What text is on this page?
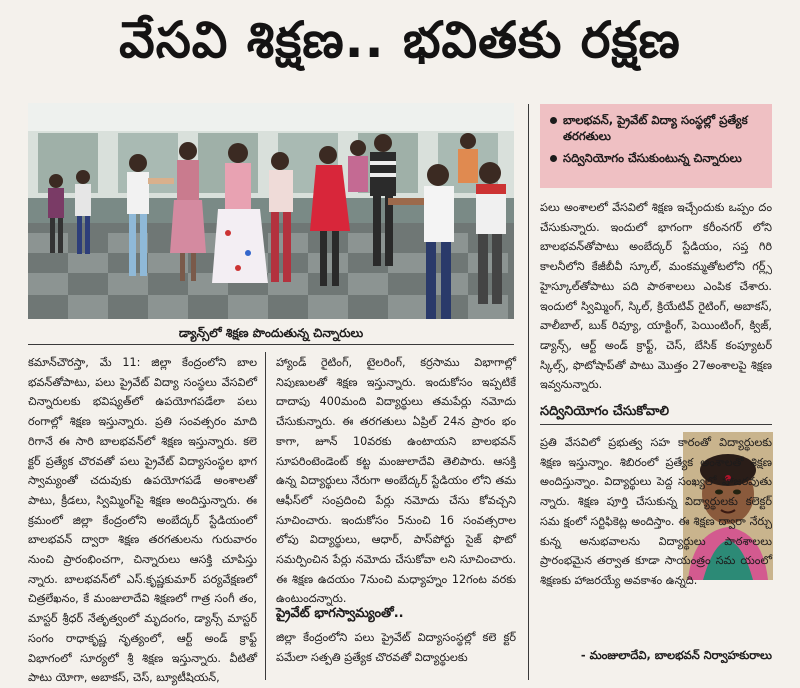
వేసవి శిక్షణ.. భవితకు రక్షణ
డ్యాన్స్‌లో శిక్షణ పొందుతున్న చిన్నారులు
బాలభవన్, ప్రైవేట్ విద్యా సంస్థల్లో ప్రత్యేక తరగతులు
సద్వినియోగం చేసుకుంటున్న చిన్నారులు

కమాన్‌చౌరస్తా, మే 11: జిల్లా కేంద్రంలోని బాల భవన్‌తోపాటు, పలు ప్రైవేట్ విద్యా సంస్థలు వేసవిలో చిన్నారులకు భవిష్యత్‌లో ఉపయోగపడేలా పలు రంగాల్లో శిక్షణ ఇస్తున్నారు. ప్రతి సంవత్సరం మాది రిగానే ఈ సారి బాలభవన్‌లో శిక్షణ ఇస్తున్నారు. కలె క్టర్ ప్రత్యేక చొరవతో పలు ప్రైవేట్ విద్యాసంస్థల భాగ స్వామ్యంతో చదువుకు ఉపయోగపడే అంశాలతో పాటు, క్రీడలు, స్విమ్మింగ్‌పై శిక్షణ అందిస్తున్నారు. ఈ క్రమంలో జిల్లా కేంద్రంలోని అంబేద్కర్ స్టేడియంలో బాలభవన్ ద్వారా శిక్షణ తరగతులను గురువారం నుంచి ప్రారంభించగా, చిన్నారులు ఆసక్తి చూపిస్తు న్నారు. బాలభవన్‌లో ఎస్.కృష్ణకుమార్ పర్యవేక్షణలో చిత్రలేఖనం, కే మంజులాదేవి శిక్షణలో గాత్ర సంగీ తం, మాస్టర్ శ్రీధర్ నేతృత్వంలో మృదంగం, డ్యాన్స్ మాస్టర్ సంగం రాధాకృష్ణ నృత్యంలో, ఆర్ట్ అండ్ క్రాఫ్ట్ విభాగంలో సూర్యలో శ్రీ శిక్షణ ఇస్తున్నారు. వీటితో పాటు యోగా, అబాకస్, చెస్, బ్యూటీషియన్,

హ్యాండ్ రైటింగ్, టైలరింగ్, కర్రసాము విభాగాల్లో నిపుణులతో శిక్షణ ఇస్తున్నారు. ఇందుకోసం ఇప్పటికే దాదాపు 400మంది విద్యార్థులు తమపేర్లు నమోదు చేసుకున్నారు. ఈ తరగతులు ఏప్రిల్ 24న ప్రారం భం కాగా, జూన్ 10వరకు ఉంటాయని బాలభవన్ సూపరింటెండెంట్ కట్ట మంజులాదేవి తెలిపారు. ఆసక్తి ఉన్న విద్యార్థులు నేరుగా అంబేద్కర్ స్టేడియం లోని తమ ఆఫీస్‌లో సంప్రదించి పేర్లు నమోదు చేసు కోవచ్చని సూచించారు. ఇందుకోసం 5నుంచి 16 సంవత్సరాల లోపు విద్యార్థులు, ఆధార్, పాస్‌పోర్టు సైజ్ ఫొటో సమర్పించిన పేర్లు నమోదు చేసుకోవా లని సూచించారు. ఈ శిక్షణ ఉదయం 7నుంచి మధ్యాహ్నం 12గంట వరకు ఉంటుందన్నారు.

ప్రైవేట్ భాగస్వామ్యంతో..

జిల్లా కేంద్రంలోని పలు ప్రైవేట్ విద్యాసంస్థల్లో కలె క్టర్ పమేలా సత్పతి ప్రత్యేక చొరవతో విద్యార్థులకు

పలు అంశాలలో వేసవిలో శిక్షణ ఇచ్చేందుకు ఒప్పం దం చేసుకున్నారు. ఇందులో భాగంగా కరీంనగర్ లోని బాలభవన్‌తోపాటు అంబేద్కర్ స్టేడియం, సప్త గిరి కాలనీలోని కేజీబీవీ స్కూల్, మంకమ్మతోటలోని గర్ల్స్ హైస్కూల్‌తోపాటు పది పాఠశాలలు ఎంపిక చేశారు. ఇందులో స్విమ్మింగ్, స్కిల్, క్రియేటివ్ రైటింగ్, అబాకస్, వాలీబాల్, బుక్ రివ్యూ, యాక్టింగ్, పెయింటింగ్, క్విజ్, డ్యాన్స్, ఆర్ట్ అండ్ క్రాఫ్ట్, చెస్, బేసిక్ కంప్యూటర్ స్కిల్స్, ఫొటోషాప్‌తో పాటు మొత్తం 27అంశాలపై శిక్షణ ఇవ్వనున్నారు.

సద్వినియోగం చేసుకోవాలి

ప్రతి వేసవిలో ప్రభుత్వ సహ కారంతో విద్యార్థులకు శిక్షణ ఇస్తున్నాం. శిబిరంలో ప్రత్యేక అంశాలతో శిక్షణ అందిస్తున్నాం. విద్యార్థులు పెద్ద సంఖ్యలో హాజరవుతు న్నారు. శిక్షణ పూర్తి చేసుకున్న విద్యార్థులకు కలెక్టర్ సమ క్షంలో సర్టిఫికెట్ల అందిస్తాం. ఈ శిక్షణ ద్వారా నేర్చు కున్న అనుభవాలను విద్యార్థులు పాఠశాలలు ప్రారంభమైన తర్వాత కూడా సాయంత్రం సమ యంలో శిక్షణకు హాజరయ్యే అవకాశం ఉన్నది.

- మంజులాదేవి, బాలభవన్ నిర్వాహకురాలు
